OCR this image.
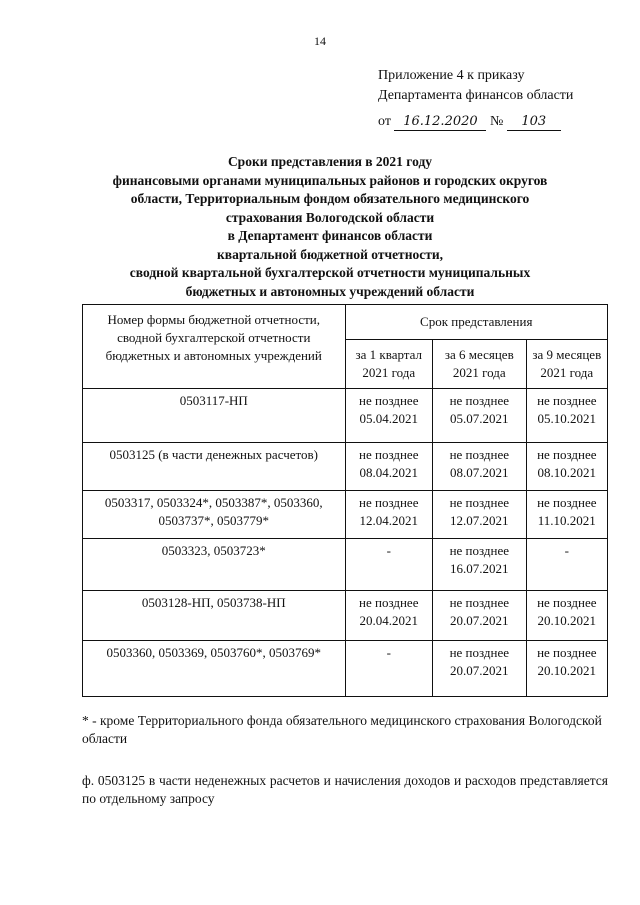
14
Приложение 4 к приказу
Департамента финансов области
от 16.12.2020 № 103
Сроки представления в 2021 году
финансовыми органами муниципальных районов и городских округов
области, Территориальным фондом обязательного медицинского
страхования Вологодской области
в Департамент финансов области
квартальной бюджетной отчетности,
сводной квартальной бухгалтерской отчетности муниципальных
бюджетных и автономных учреждений области
Номер формы бюджетной отчетности, сводной бухгалтерской отчетности бюджетных и автономных учреждений	Срок представления		
	за 1 квартал 2021 года	за 6 месяцев 2021 года	за 9 месяцев 2021 года
0503117-НП	не позднее 05.04.2021	не позднее 05.07.2021	не позднее 05.10.2021
0503125 (в части денежных расчетов)	не позднее 08.04.2021	не позднее 08.07.2021	не позднее 08.10.2021
0503317, 0503324*, 0503387*, 0503360, 0503737*, 0503779*	не позднее 12.04.2021	не позднее 12.07.2021	не позднее 11.10.2021
0503323, 0503723*	-	не позднее 16.07.2021	-
0503128-НП, 0503738-НП	не позднее 20.04.2021	не позднее 20.07.2021	не позднее 20.10.2021
0503360, 0503369, 0503760*, 0503769*	-	не позднее 20.07.2021	не позднее 20.10.2021
* - кроме Территориального фонда обязательного медицинского страхования Вологодской области
ф. 0503125 в части неденежных расчетов и начисления доходов и расходов представляется по отдельному запросу
